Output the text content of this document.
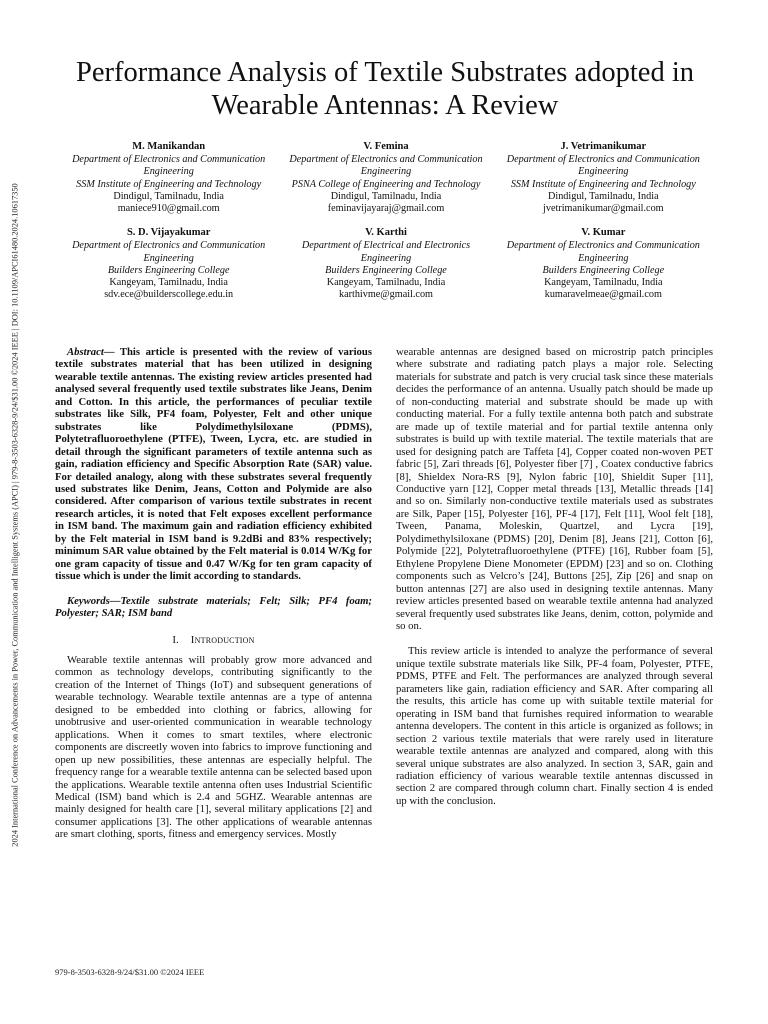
2024 International Conference on Advancements in Power, Communication and Intelligent Systems (APCI) | 979-8-3503-6328-9/24/$31.00 ©2024 IEEE | DOI: 10.1109/APCI61480.2024.10617350
Performance Analysis of Textile Substrates adopted in Wearable Antennas: A Review
M. Manikandan
Department of Electronics and Communication Engineering
SSM Institute of Engineering and Technology
Dindigul, Tamilnadu, India
maniece910@gmail.com
V. Femina
Department of Electronics and Communication Engineering
PSNA College of Engineering and Technology
Dindigul, Tamilnadu, India
feminavijayaraj@gmail.com
J. Vetrimanikumar
Department of Electronics and Communication Engineering
SSM Institute of Engineering and Technology
Dindigul, Tamilnadu, India
jvetrimanikumar@gmail.com
S. D. Vijayakumar
Department of Electronics and Communication Engineering
Builders Engineering College
Kangeyam, Tamilnadu, India
sdv.ece@builderscollege.edu.in
V. Karthi
Department of Electrical and Electronics Engineering
Builders Engineering College
Kangeyam, Tamilnadu, India
karthivme@gmail.com
V. Kumar
Department of Electronics and Communication Engineering
Builders Engineering College
Kangeyam, Tamilnadu, India
kumaravelmeae@gmail.com

Abstract— This article is presented with the review of various textile substrates material that has been utilized in designing wearable textile antennas. The existing review articles presented had analysed several frequently used textile substrates like Jeans, Denim and Cotton. In this article, the performances of peculiar textile substrates like Silk, PF4 foam, Polyester, Felt and other unique substrates like Polydimethylsiloxane (PDMS), Polytetrafluoroethylene (PTFE), Tween, Lycra, etc. are studied in detail through the significant parameters of textile antenna such as gain, radiation efficiency and Specific Absorption Rate (SAR) value. For detailed analogy, along with these substrates several frequently used substrates like Denim, Jeans, Cotton and Polymide are also considered. After comparison of various textile substrates in recent research articles, it is noted that Felt exposes excellent performance in ISM band. The maximum gain and radiation efficiency exhibited by the Felt material in ISM band is 9.2dBi and 83% respectively; minimum SAR value obtained by the Felt material is 0.014 W/Kg for one gram capacity of tissue and 0.47 W/Kg for ten gram capacity of tissue which is under the limit according to standards.

Keywords—Textile substrate materials; Felt; Silk; PF4 foam; Polyester; SAR; ISM band

I. Introduction

Wearable textile antennas will probably grow more advanced and common as technology develops, contributing significantly to the creation of the Internet of Things (IoT) and subsequent generations of wearable technology. Wearable textile antennas are a type of antenna designed to be embedded into clothing or fabrics, allowing for unobtrusive and user-oriented communication in wearable technology applications. When it comes to smart textiles, where electronic components are discreetly woven into fabrics to improve functioning and open up new possibilities, these antennas are especially helpful. The frequency range for a wearable textile antenna can be selected based upon the applications. Wearable textile antenna often uses Industrial Scientific Medical (ISM) band which is 2.4 and 5GHZ. Wearable antennas are mainly designed for health care [1], several military applications [2] and consumer applications [3]. The other applications of wearable antennas are smart clothing, sports, fitness and emergency services. Mostly

wearable antennas are designed based on microstrip patch principles where substrate and radiating patch plays a major role. Selecting materials for substrate and patch is very crucial task since these materials decides the performance of an antenna. Usually patch should be made up of non-conducting material and substrate should be made up with conducting material. For a fully textile antenna both patch and substrate are made up of textile material and for partial textile antenna only substrates is build up with textile material. The textile materials that are used for designing patch are Taffeta [4], Copper coated non-woven PET fabric [5], Zari threads [6], Polyester fiber [7] , Coatex conductive fabrics [8], Shieldex Nora-RS [9], Nylon fabric [10], Shieldit Super [11], Conductive yarn [12], Copper metal threads [13], Metallic threads [14] and so on. Similarly non-conductive textile materials used as substrates are Silk, Paper [15], Polyester [16], PF-4 [17], Felt [11], Wool felt [18], Tween, Panama, Moleskin, Quartzel, and Lycra [19], Polydimethylsiloxane (PDMS) [20], Denim [8], Jeans [21], Cotton [6], Polymide [22], Polytetrafluoroethylene (PTFE) [16], Rubber foam [5], Ethylene Propylene Diene Monometer (EPDM) [23] and so on. Clothing components such as Velcro’s [24], Buttons [25], Zip [26] and snap on button antennas [27] are also used in designing textile antennas. Many review articles presented based on wearable textile antenna had analyzed several frequently used substrates like Jeans, denim, cotton, polymide and so on.

This review article is intended to analyze the performance of several unique textile substrate materials like Silk, PF-4 foam, Polyester, PTFE, PDMS, PTFE and Felt. The performances are analyzed through several parameters like gain, radiation efficiency and SAR. After comparing all the results, this article has come up with suitable textile material for operating in ISM band that furnishes required information to wearable antenna developers. The content in this article is organized as follows; in section 2 various textile materials that were rarely used in literature wearable textile antennas are analyzed and compared, along with this several unique substrates are also analyzed. In section 3, SAR, gain and radiation efficiency of various wearable textile antennas discussed in section 2 are compared through column chart. Finally section 4 is ended up with the conclusion.

979-8-3503-6328-9/24/$31.00 ©2024 IEEE
